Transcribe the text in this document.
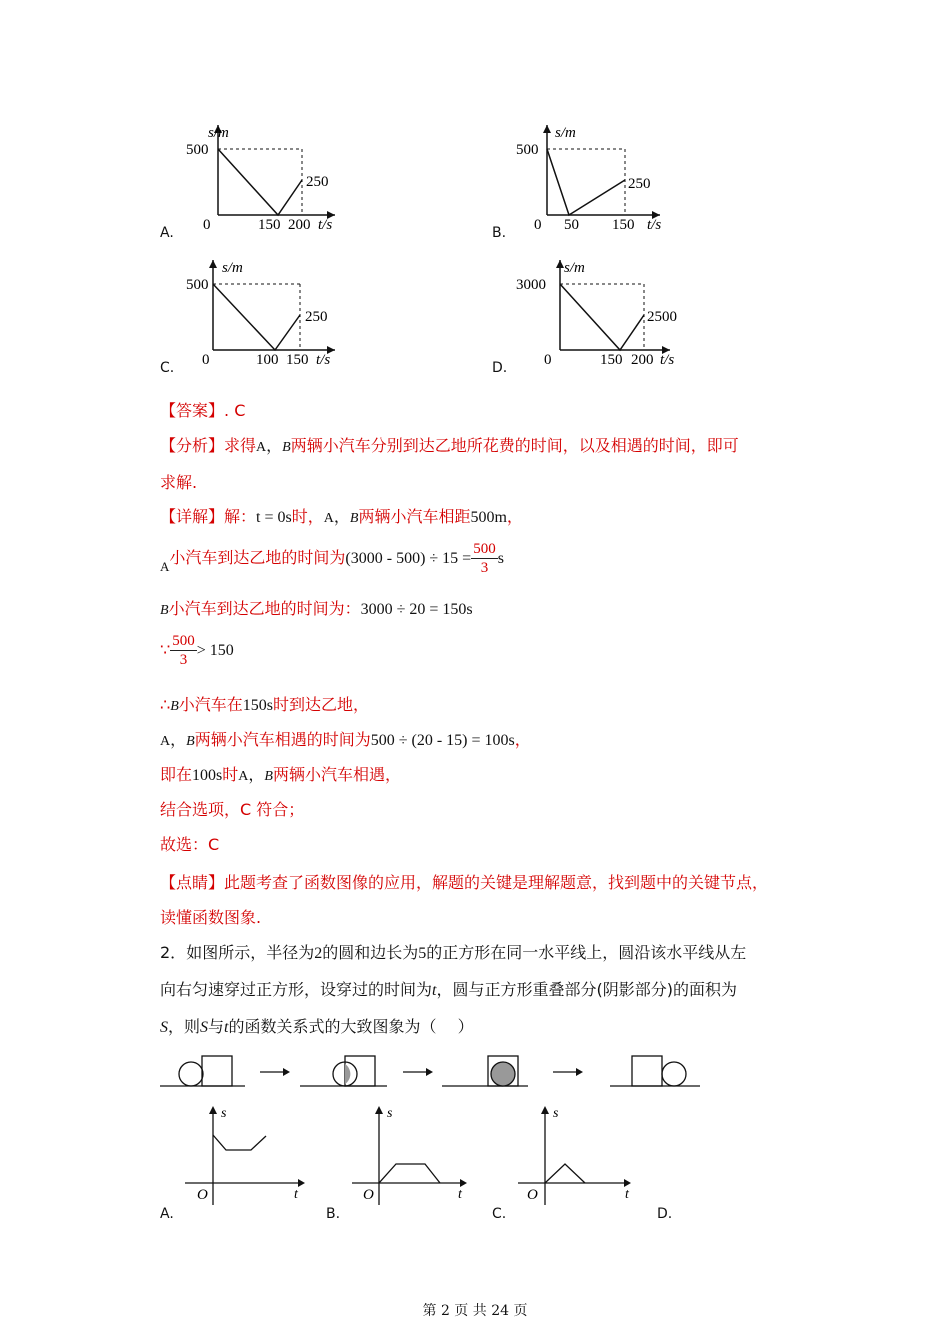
s/m
500
250
0	150 200 t/s
s/m
500
250
0 50 150 t/s
s/m
500
250
0	100 150 t/s
s/m
3000
2500
0	150 200 t/s
A.	B.
C.	D.
【答案】. C
【分析】求得A，B两辆小汽车分别到达乙地所花费的时间，以及相遇的时间，即可
求解.
【详解】解：t = 0s时，A，B两辆小汽车相距500m，
$_A$小汽车到达乙地的时间为$(3000 - 500) \div 15 = \frac{500}{3}$ s
B小汽车到达乙地的时间为：3000 ÷ 20 = 150s
∵ $\frac{500}{3} > 150$
∴B小汽车在150s时到达乙地，
A，B两辆小汽车相遇的时间为500 ÷ (20 - 15) = 100s，
即在100s时A，B两辆小汽车相遇，
结合选项，C 符合；
故选：C
【点睛】此题考查了函数图像的应用，解题的关键是理解题意，找到题中的关键节点，
读懂函数图象.
2．如图所示，半径为2的圆和边长为5的正方形在同一水平线上，圆沿该水平线从左
向右匀速穿过正方形，设穿过的时间为t，圆与正方形重叠部分(阴影部分)的面积为
S，则S与t的函数关系式的大致图象为（　 ）
s
O	t
s
O	t
s
O	t
A.	B.	C.	D.
第 2 页 共 24 页
